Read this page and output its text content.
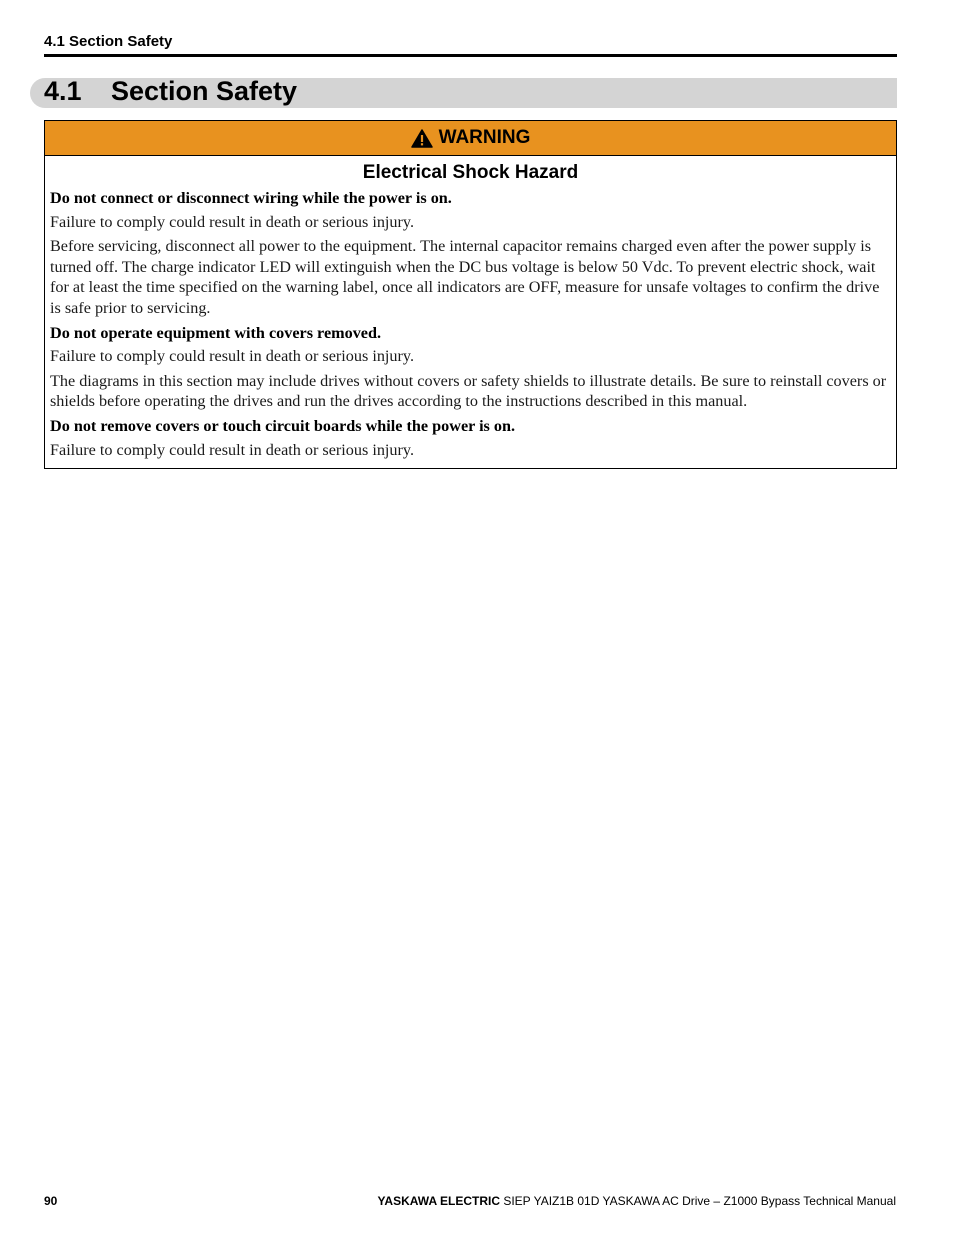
4.1 Section Safety
4.1 Section Safety
WARNING
Electrical Shock Hazard

Do not connect or disconnect wiring while the power is on.

Failure to comply could result in death or serious injury.

Before servicing, disconnect all power to the equipment. The internal capacitor remains charged even after the power supply is turned off. The charge indicator LED will extinguish when the DC bus voltage is below 50 Vdc. To prevent electric shock, wait for at least the time specified on the warning label, once all indicators are OFF, measure for unsafe voltages to confirm the drive is safe prior to servicing.

Do not operate equipment with covers removed.

Failure to comply could result in death or serious injury.

The diagrams in this section may include drives without covers or safety shields to illustrate details. Be sure to reinstall covers or shields before operating the drives and run the drives according to the instructions described in this manual.

Do not remove covers or touch circuit boards while the power is on.

Failure to comply could result in death or serious injury.

90	YASKAWA ELECTRIC SIEP YAIZ1B 01D YASKAWA AC Drive – Z1000 Bypass Technical Manual
